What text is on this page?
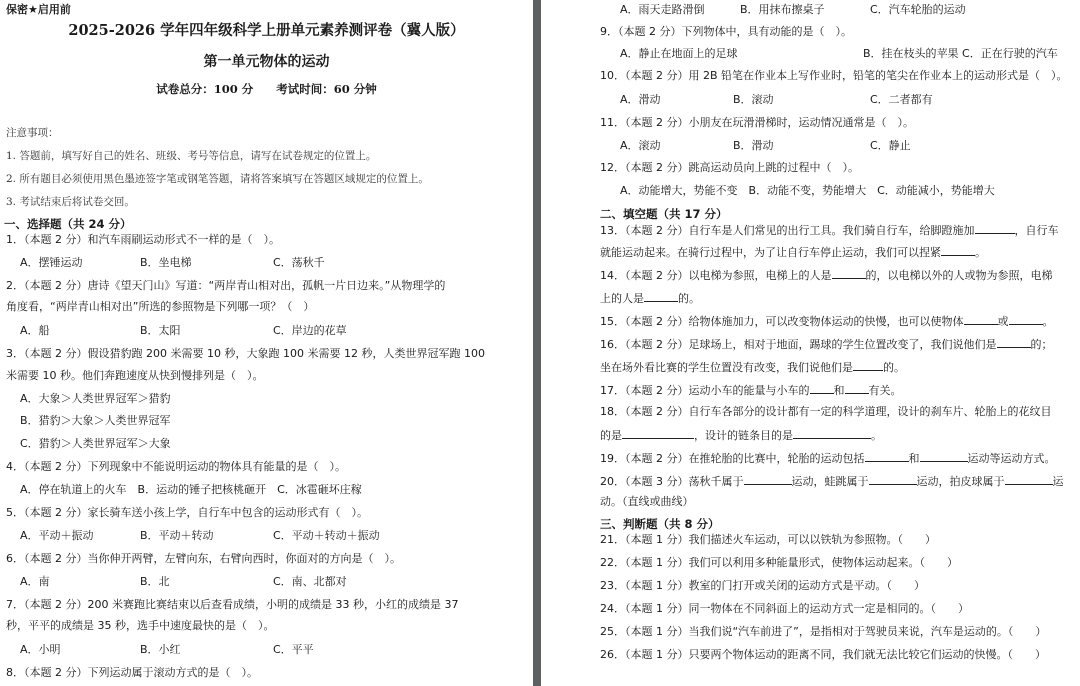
保密★启用前
2025-2026 学年四年级科学上册单元素养测评卷（冀人版）
第一单元物体的运动
试卷总分：100 分　　 考试时间：60 分钟
注意事项：
1. 答题前，填写好自己的姓名、班级、考号等信息，请写在试卷规定的位置上。
2. 所有题目必须使用黑色墨迹签字笔或钢笔答题，请将答案填写在答题区域规定的位置上。
3. 考试结束后将试卷交回。
一、选择题（共 24 分）
1．（本题 2 分）和汽车雨刷运动形式不一样的是（　）。
A．摆锤运动	B．坐电梯	C．荡秋千
2．（本题 2 分）唐诗《望天门山》写道：“两岸青山相对出，孤帆一片日边来。”从物理学的
角度看，“两岸青山相对出”所选的参照物是下列哪一项？（　）
A．船	B．太阳	C．岸边的花草
3．（本题 2 分）假设猎豹跑 200 米需要 10 秒，大象跑 100 米需要 12 秒，人类世界冠军跑 100
米需要 10 秒。他们奔跑速度从快到慢排列是（　）。
A．大象＞人类世界冠军＞猎豹
B．猎豹＞大象＞人类世界冠军
C．猎豹＞人类世界冠军＞大象
4．（本题 2 分）下列现象中不能说明运动的物体具有能量的是（　）。
A．停在轨道上的火车　B．运动的锤子把核桃砸开　C．冰雹砸坏庄稼
5．（本题 2 分）家长骑车送小孩上学，自行车中包含的运动形式有（　）。
A．平动＋振动	B．平动＋转动	C．平动＋转动＋振动
6．（本题 2 分）当你伸开两臂，左臂向东，右臂向西时，你面对的方向是（　）。
A．南	B．北	C．南、北都对
7．（本题 2 分）200 米赛跑比赛结束以后查看成绩，小明的成绩是 33 秒，小红的成绩是 37
秒，平平的成绩是 35 秒，选手中速度最快的是（　）。
A．小明	B．小红	C．平平
8．（本题 2 分）下列运动属于滚动方式的是（　）。
A．雨天走路滑倒	B．用抹布擦桌子	C．汽车轮胎的运动
9．（本题 2 分）下列物体中，具有动能的是（　）。
A．静止在地面上的足球	B．挂在枝头的苹果 C．正在行驶的汽车
10．（本题 2 分）用 2B 铅笔在作业本上写作业时，铅笔的笔尖在作业本上的运动形式是（　）。
A．滑动	B．滚动	C．二者都有
11．（本题 2 分）小朋友在玩滑滑梯时，运动情况通常是（　）。
A．滚动	B．滑动	C．静止
12．（本题 2 分）跳高运动员向上跳的过程中（　）。
A．动能增大，势能不变　B．动能不变，势能增大　C．动能减小，势能增大
二、填空题（共 17 分）
13．（本题 2 分）自行车是人们常见的出行工具。我们骑自行车，给脚蹬施加	，自行车
就能运动起来。在骑行过程中，为了让自行车停止运动，我们可以捏紧	。
14．（本题 2 分）以电梯为参照，电梯上的人是	的，以电梯以外的人或物为参照，电梯
上的人是	的。
15．（本题 2 分）给物体施加力，可以改变物体运动的快慢，也可以使物体	或	。
16．（本题 2 分）足球场上，相对于地面，踢球的学生位置改变了，我们说他们是	的；
坐在场外看比赛的学生位置没有改变，我们说他们是	的。
17．（本题 2 分）运动小车的能量与小车的 和 有关。
18．（本题 2 分）自行车各部分的设计都有一定的科学道理，设计的刹车片、轮胎上的花纹目
的是	，设计的链条目的是	。
19．（本题 2 分）在推轮胎的比赛中，轮胎的运动包括	和	运动等运动方式。
20．（本题 3 分）荡秋千属于	运动，蛙跳属于	运动，拍皮球属于	运
动。（直线或曲线）
三、判断题（共 8 分）
21．（本题 1 分）我们描述火车运动，可以以铁轨为参照物。（　　）
22．（本题 1 分）我们可以利用多种能量形式，使物体运动起来。（　　）
23．（本题 1 分）教室的门打开或关闭的运动方式是平动。（　　）
24．（本题 1 分）同一物体在不同斜面上的运动方式一定是相同的。（　　）
25．（本题 1 分）当我们说“汽车前进了”，是指相对于驾驶员来说，汽车是运动的。（　　）
26．（本题 1 分）只要两个物体运动的距离不同，我们就无法比较它们运动的快慢。（　　）
